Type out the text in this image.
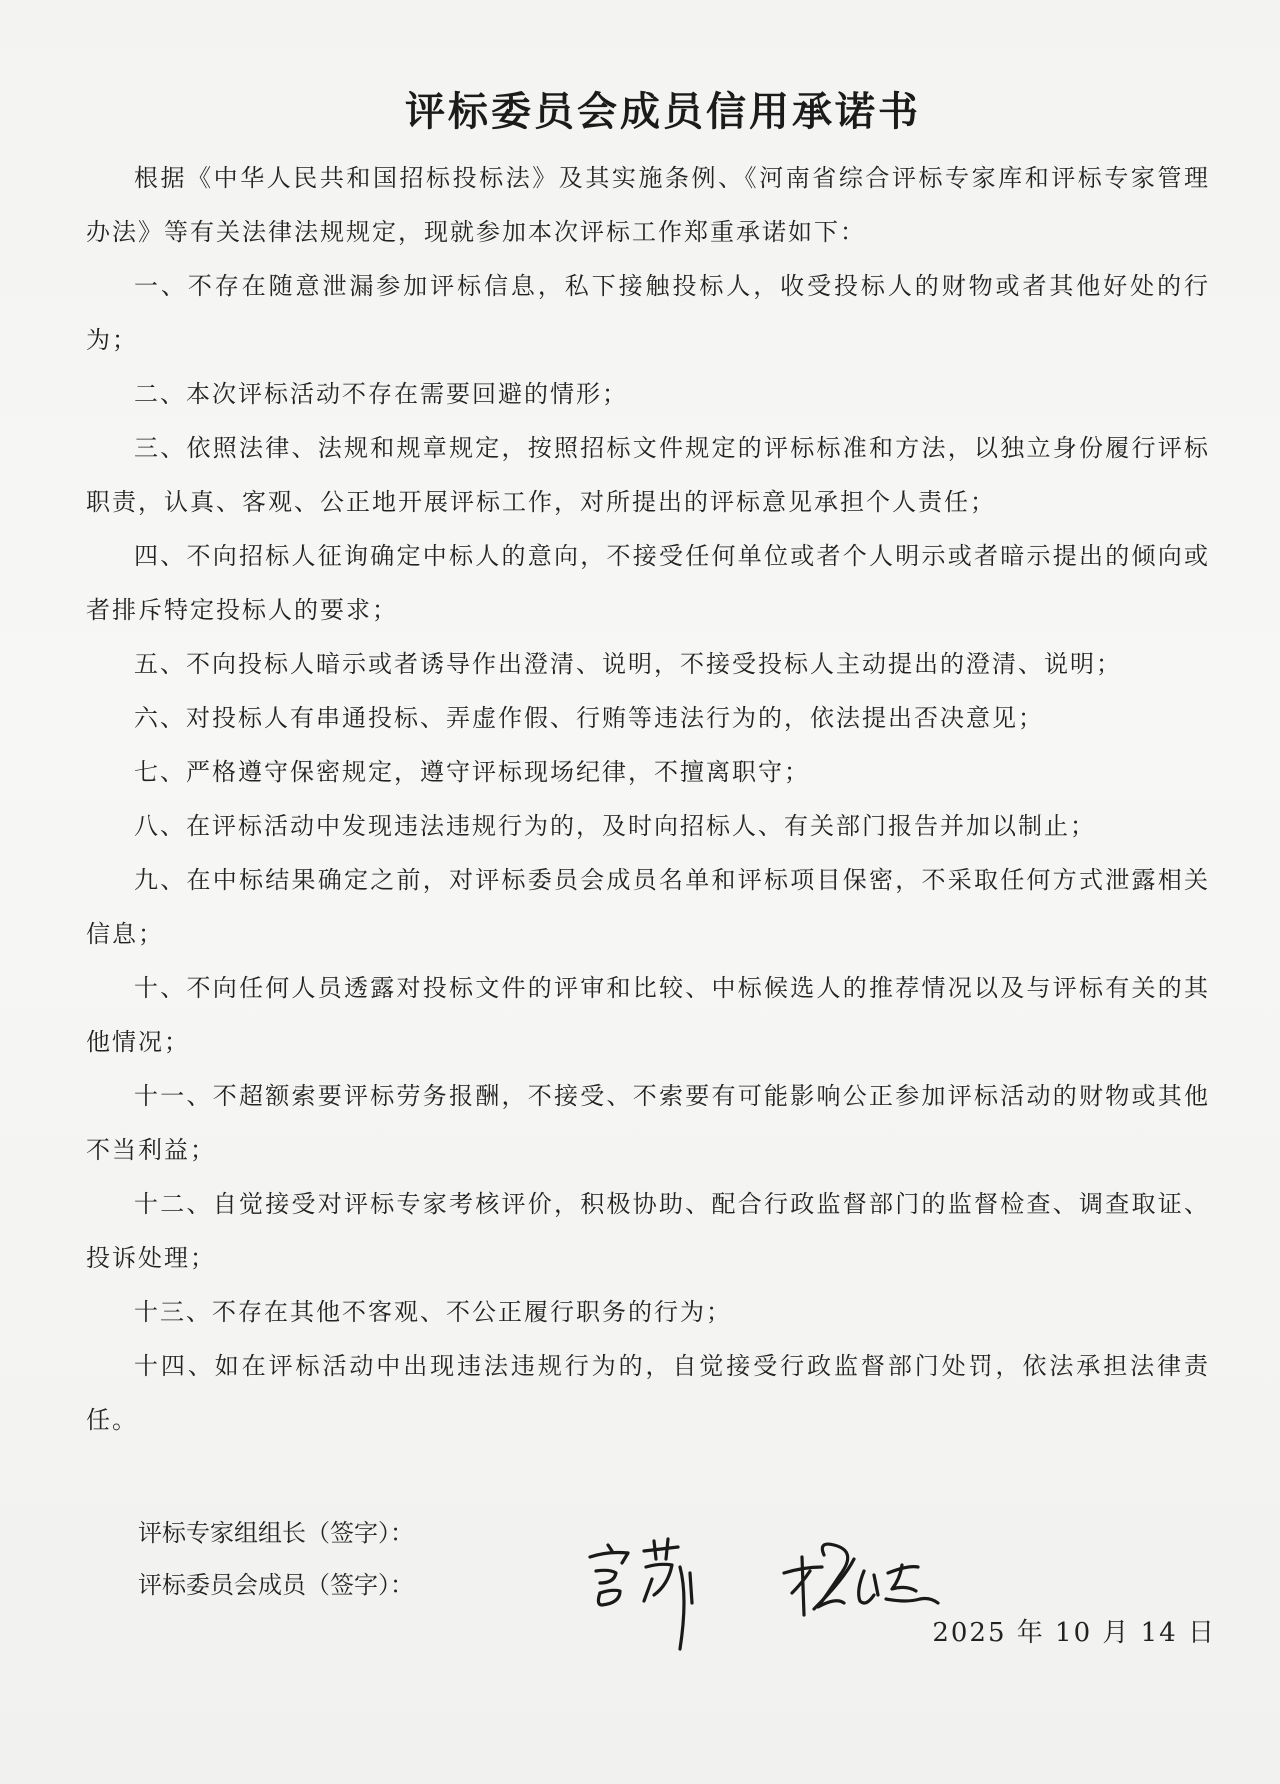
评标委员会成员信用承诺书

根据《中华人民共和国招标投标法》及其实施条例、《河南省综合评标专家库和评标专家管理办法》等有关法律法规规定，现就参加本次评标工作郑重承诺如下：

一、不存在随意泄漏参加评标信息，私下接触投标人，收受投标人的财物或者其他好处的行为；

二、本次评标活动不存在需要回避的情形；

三、依照法律、法规和规章规定，按照招标文件规定的评标标准和方法，以独立身份履行评标职责，认真、客观、公正地开展评标工作，对所提出的评标意见承担个人责任；

四、不向招标人征询确定中标人的意向，不接受任何单位或者个人明示或者暗示提出的倾向或者排斥特定投标人的要求；

五、不向投标人暗示或者诱导作出澄清、说明，不接受投标人主动提出的澄清、说明；

六、对投标人有串通投标、弄虚作假、行贿等违法行为的，依法提出否决意见；

七、严格遵守保密规定，遵守评标现场纪律，不擅离职守；

八、在评标活动中发现违法违规行为的，及时向招标人、有关部门报告并加以制止；

九、在中标结果确定之前，对评标委员会成员名单和评标项目保密，不采取任何方式泄露相关信息；

十、不向任何人员透露对投标文件的评审和比较、中标候选人的推荐情况以及与评标有关的其他情况；

十一、不超额索要评标劳务报酬，不接受、不索要有可能影响公正参加评标活动的财物或其他不当利益；

十二、自觉接受对评标专家考核评价，积极协助、配合行政监督部门的监督检查、调查取证、投诉处理；

十三、不存在其他不客观、不公正履行职务的行为；

十四、如在评标活动中出现违法违规行为的，自觉接受行政监督部门处罚，依法承担法律责任。

评标专家组组长（签字）：
评标委员会成员（签字）：
2025 年 10 月 14 日
